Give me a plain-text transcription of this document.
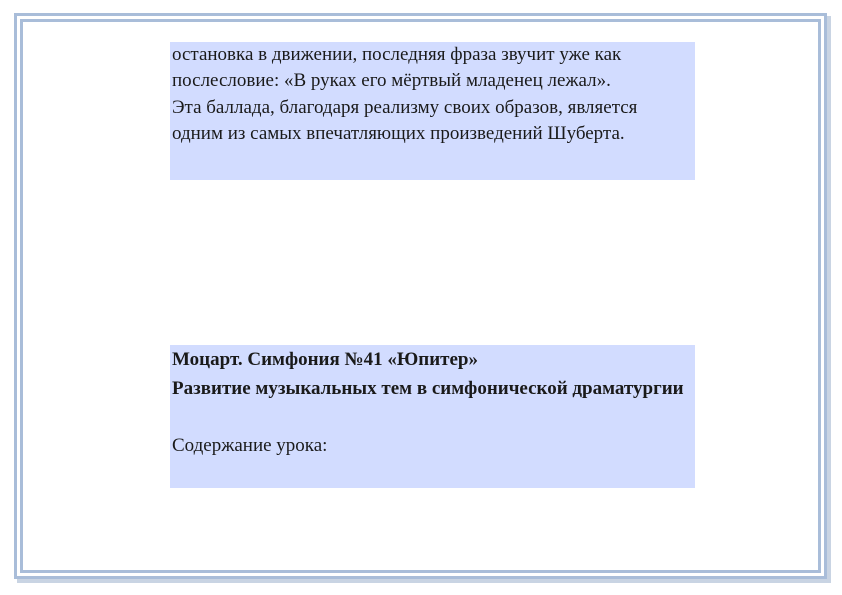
остановка в движении, последняя фраза звучит уже как послесловие: «В руках его мёртвый младенец лежал».

Эта баллада, благодаря реализму своих образов, является одним из самых впечатляющих произведений Шуберта.

Моцарт. Симфония №41 «Юпитер»

Развитие музыкальных тем в симфонической драматургии

Содержание урока:
